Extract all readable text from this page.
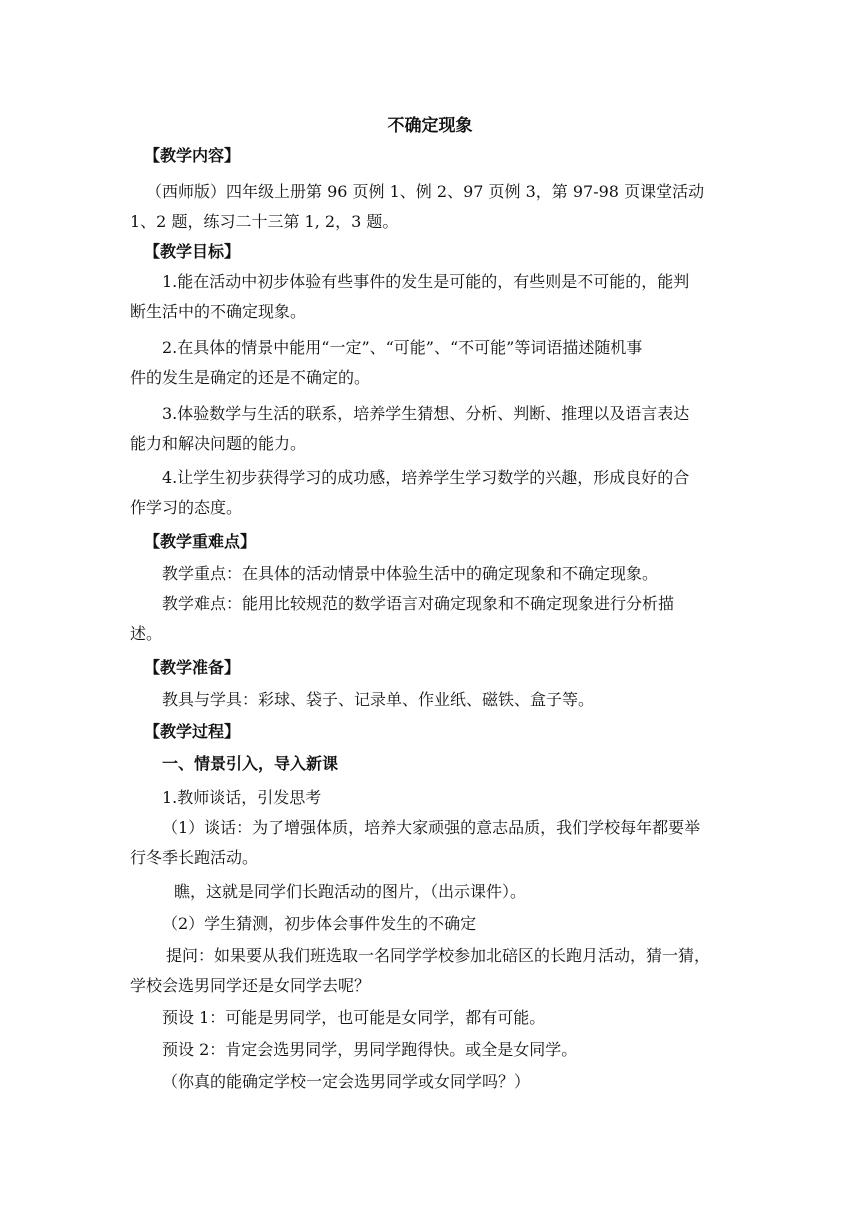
不确定现象
【教学内容】
（西师版）四年级上册第 96 页例 1、例 2、97 页例 3，第 97-98 页课堂活动
1、2 题，练习二十三第 1, 2，3 题。
【教学目标】
1.能在活动中初步体验有些事件的发生是可能的，有些则是不可能的，能判
断生活中的不确定现象。
2.在具体的情景中能用“一定”、“可能”、“不可能”等词语描述随机事
件的发生是确定的还是不确定的。
3.体验数学与生活的联系，培养学生猜想、分析、判断、推理以及语言表达
能力和解决问题的能力。
4.让学生初步获得学习的成功感，培养学生学习数学的兴趣，形成良好的合
作学习的态度。
【教学重难点】
教学重点：在具体的活动情景中体验生活中的确定现象和不确定现象。
教学难点：能用比较规范的数学语言对确定现象和不确定现象进行分析描
述。
【教学准备】
教具与学具：彩球、袋子、记录单、作业纸、磁铁、盒子等。
【教学过程】
一、情景引入，导入新课
1.教师谈话，引发思考
（1）谈话：为了增强体质，培养大家顽强的意志品质，我们学校每年都要举
行冬季长跑活动。
瞧，这就是同学们长跑活动的图片，（出示课件）。
（2）学生猜测，初步体会事件发生的不确定
提问：如果要从我们班选取一名同学学校参加北碚区的长跑月活动，猜一猜，
学校会选男同学还是女同学去呢？
预设 1：可能是男同学，也可能是女同学，都有可能。
预设 2：肯定会选男同学，男同学跑得快。或全是女同学。
（你真的能确定学校一定会选男同学或女同学吗？）
